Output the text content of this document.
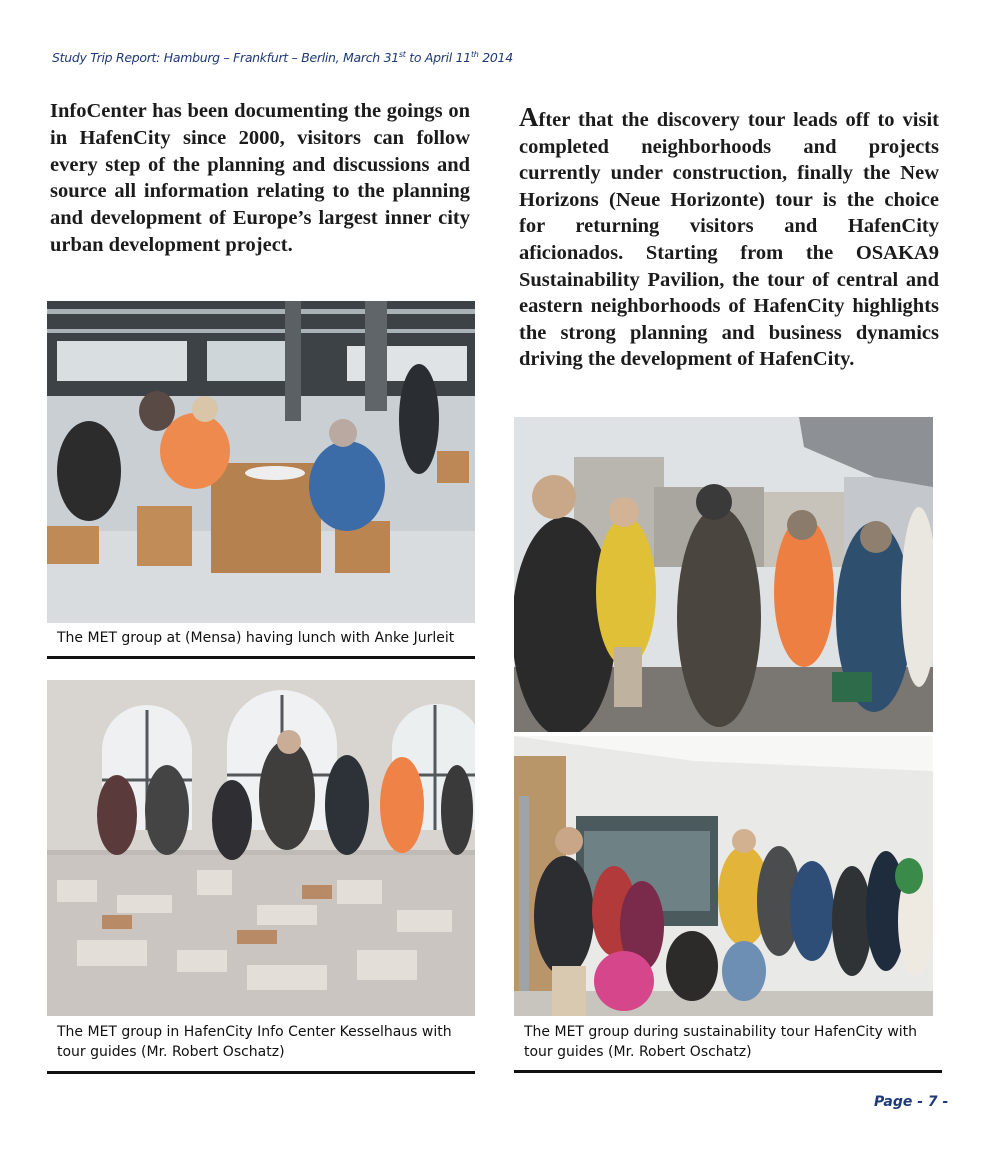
Study Trip Report: Hamburg – Frankfurt – Berlin, March 31st to April 11th 2014
InfoCenter has been documenting the goings on in HafenCity since 2000, visitors can follow every step of the planning and discussions and source all information relating to the planning and development of Europe’s largest inner city urban development project.
After that the discovery tour leads off to visit completed neighborhoods and projects currently under construction, finally the New Horizons (Neue Horizonte) tour is the choice for returning visitors and HafenCity aficionados. Starting from the OSAKA9 Sustainability Pavilion, the tour of central and eastern neighborhoods of HafenCity highlights the strong planning and business dynamics driving the development of HafenCity.
The MET group at (Mensa) having lunch with Anke Jurleit
The MET group in HafenCity Info Center Kesselhaus with tour guides (Mr. Robert Oschatz)
The MET group during sustainability tour HafenCity with tour guides (Mr. Robert Oschatz)
Page - 7 -
